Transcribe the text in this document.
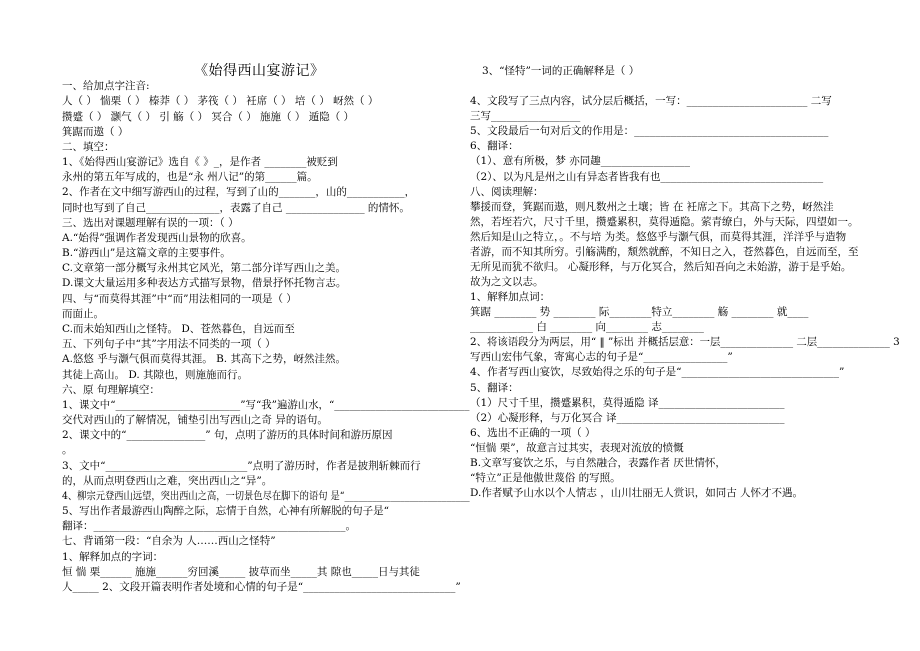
《始得西山宴游记》
一、给加点字注音:
人（ ） 惴栗（ ） 榛莽（ ） 茅筏（ ） 衽席（ ） 培（ ） 岈然（ ）
攒蹙（ ） 灏气（ ） 引 觞（ ） 冥合（ ） 施施（ ） 遁隐（ ）
箕踞而遨（ ）
二、填空：
1、《始得西山宴游记》选自《 》_，是作者 ________被贬到
永州的第五年写成的，也是“永 州八记”的第______篇。
2、作者在文中细写游西山的过程，写到了山的_______，山的___________，
同时也写到了自己______________，表露了自己 _______________ 的情怀。
三、选出对课题理解有误的一项：（ ）
A.“始得”强调作者发现西山景物的欣喜。
B.“游西山”是这篇文章的主要事件。
C.文章第一部分概写永州其它风光，第二部分详写西山之美。
D.课文大量运用多种表达方式描写景物，借景抒怀托物言志。
四、与“而莫得其涯”中“而”用法相同的一项是（ ）
而面止。
C.而未始知西山之怪特。 D、苍然暮色，自远而至
五、下列句子中“其”字用法不同类的一项（ ）
A.悠悠 乎与灏气俱而莫得其涯。 B. 其高下之势，岈然洼然。
其徒上高山。 D. 其隙也，则施施而行。
六、原 句理解填空：
1、课文中“________________________”写“我”遍游山水，“__________________________
交代对西山的了解情况，铺垫引出写西山之奇 异的语句。
2、课文中的“_______________” 句，点明了游历的具体时间和游历原因
。
3、文中“___________________________”点明了游历时，作者是披荆斩棘而行
的，从而点明登西山之难，突出西山之“异”。
4、柳宗元登西山远望，突出西山之高，一切景色尽在脚下的语句 是“___________________________
5、写出作者最游西山陶醉之际，忘情于自然，心神有所解脱的句子是“
翻译：________________________________________________。
七、背诵第一段：“自余为 人……西山之怪特”
1、解释加点的字词：
恒 惴 栗______ 施施______穷回溪_____ 披草而坐_____其 隙也_____日与其徒
人_____ 2、文段开篇表明作者处境和心情的句子是“_____________________________”
3、“怪特”一词的正确解释是（ ）
4、文段写了三点内容，试分层后概括，一写：_______________________ 二写
三写_________________
5、文段最后一句对后文的作用是：_____________________________________
6、翻译：
（1）、意有所极，梦 亦同趣_________________
（2）、以为凡是州之山有异态者皆我有也_______________________________
八、阅读理解：
攀援而登，箕踞而遨，则凡数州之土壤；皆 在 衽席之下。其高下之势，岈然洼
然，若垤若穴，尺寸千里，攒蹙累积，莫得遁隐。萦青缭白，外与天际，四望如一。
然后知是山之特立，。不与培 为类。悠悠乎与灏气俱，而莫得其涯，洋洋乎与造物
者游，而不知其所穷。引觞满酌，颓然就醉，不知日之入，苍然暮色，自远而至，至
无所见而犹不欲归。 心凝形释，与万化冥合，然后知吾向之未始游，游于是乎始。
故为之文以志。
1、解释加点词：
箕踞 ________ 势 ________ 际________特立________ 觞 ________ 就____
____________ 白 ________ 向________ 志________
2、将该语段分为两层，用“ ‖ ”标出 并概括层意：一层______________ 二层______________ 3
写西山宏伟气象，寄寓心志的句子是“________________”
4、作者写西山宴饮，尽致始得之乐的句子是“______________________________”
5、翻译：
（1）尺寸千里，攒蹙累积，莫得遁隐 译________________________
（2）心凝形释，与万化冥合 译________________________________
6、选出不正确的一项（ ）
“恒惴 栗”，故意言过其实，表现对流放的愤慨
B.文章写宴饮之乐，与自然融合，表露作者 厌世情怀，
“特立”正是他傲世蔑俗 的写照。
D.作者赋予山水以个人情志 ，山川壮丽无人赏识，如同古 人怀才不遇。
